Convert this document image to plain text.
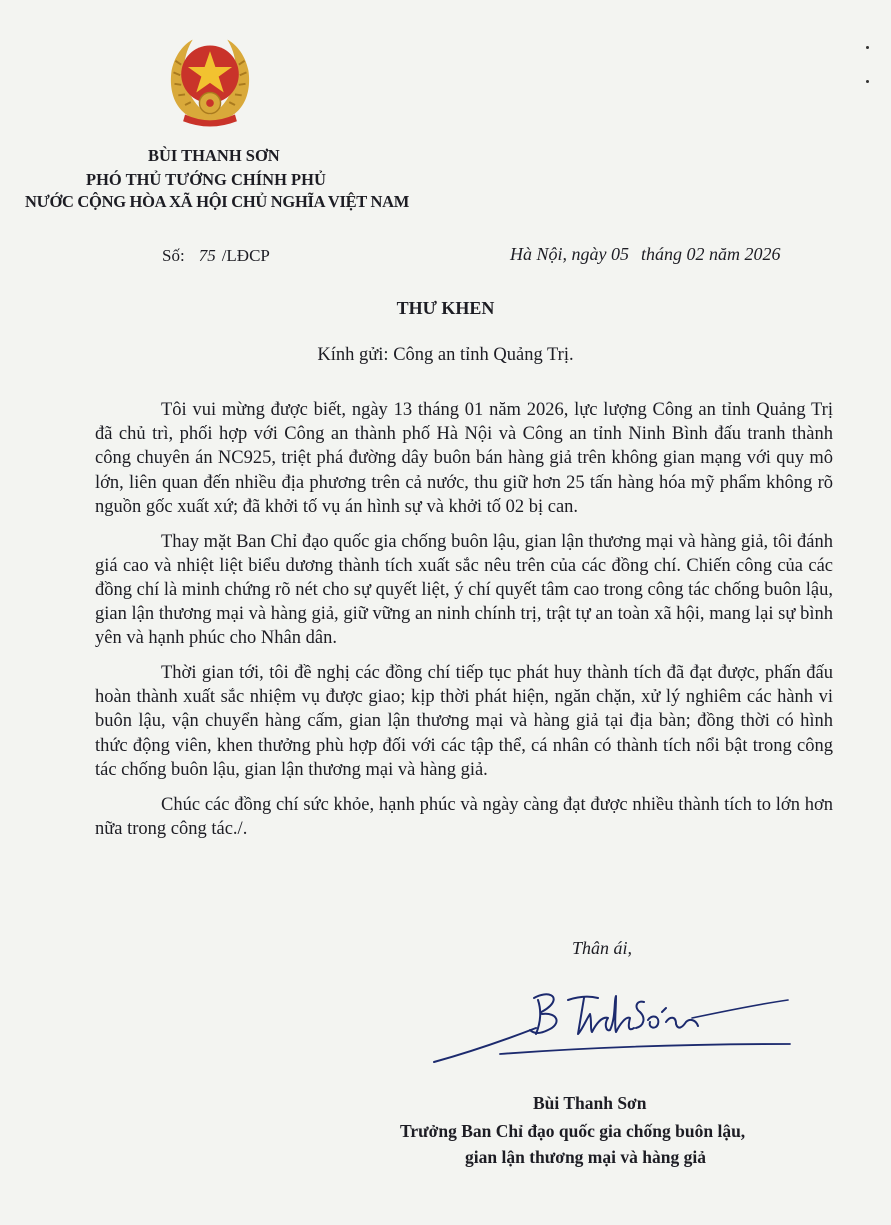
BÙI THANH SƠN
PHÓ THỦ TƯỚNG CHÍNH PHỦ
NƯỚC CỘNG HÒA XÃ HỘI CHỦ NGHĨA VIỆT NAM
Số: 75 /LĐCP	Hà Nội, ngày 05 tháng 02 năm 2026
THƯ KHEN
Kính gửi: Công an tỉnh Quảng Trị.

Tôi vui mừng được biết, ngày 13 tháng 01 năm 2026, lực lượng Công an tỉnh Quảng Trị đã chủ trì, phối hợp với Công an thành phố Hà Nội và Công an tỉnh Ninh Bình đấu tranh thành công chuyên án NC925, triệt phá đường dây buôn bán hàng giả trên không gian mạng với quy mô lớn, liên quan đến nhiều địa phương trên cả nước, thu giữ hơn 25 tấn hàng hóa mỹ phẩm không rõ nguồn gốc xuất xứ; đã khởi tố vụ án hình sự và khởi tố 02 bị can.

Thay mặt Ban Chỉ đạo quốc gia chống buôn lậu, gian lận thương mại và hàng giả, tôi đánh giá cao và nhiệt liệt biểu dương thành tích xuất sắc nêu trên của các đồng chí. Chiến công của các đồng chí là minh chứng rõ nét cho sự quyết liệt, ý chí quyết tâm cao trong công tác chống buôn lậu, gian lận thương mại và hàng giả, giữ vững an ninh chính trị, trật tự an toàn xã hội, mang lại sự bình yên và hạnh phúc cho Nhân dân.

Thời gian tới, tôi đề nghị các đồng chí tiếp tục phát huy thành tích đã đạt được, phấn đấu hoàn thành xuất sắc nhiệm vụ được giao; kịp thời phát hiện, ngăn chặn, xử lý nghiêm các hành vi buôn lậu, vận chuyển hàng cấm, gian lận thương mại và hàng giả tại địa bàn; đồng thời có hình thức động viên, khen thưởng phù hợp đối với các tập thể, cá nhân có thành tích nổi bật trong công tác chống buôn lậu, gian lận thương mại và hàng giả.

Chúc các đồng chí sức khỏe, hạnh phúc và ngày càng đạt được nhiều thành tích to lớn hơn nữa trong công tác./.

Thân ái,
Bùi Thanh Sơn
Trưởng Ban Chỉ đạo quốc gia chống buôn lậu,
gian lận thương mại và hàng giả
